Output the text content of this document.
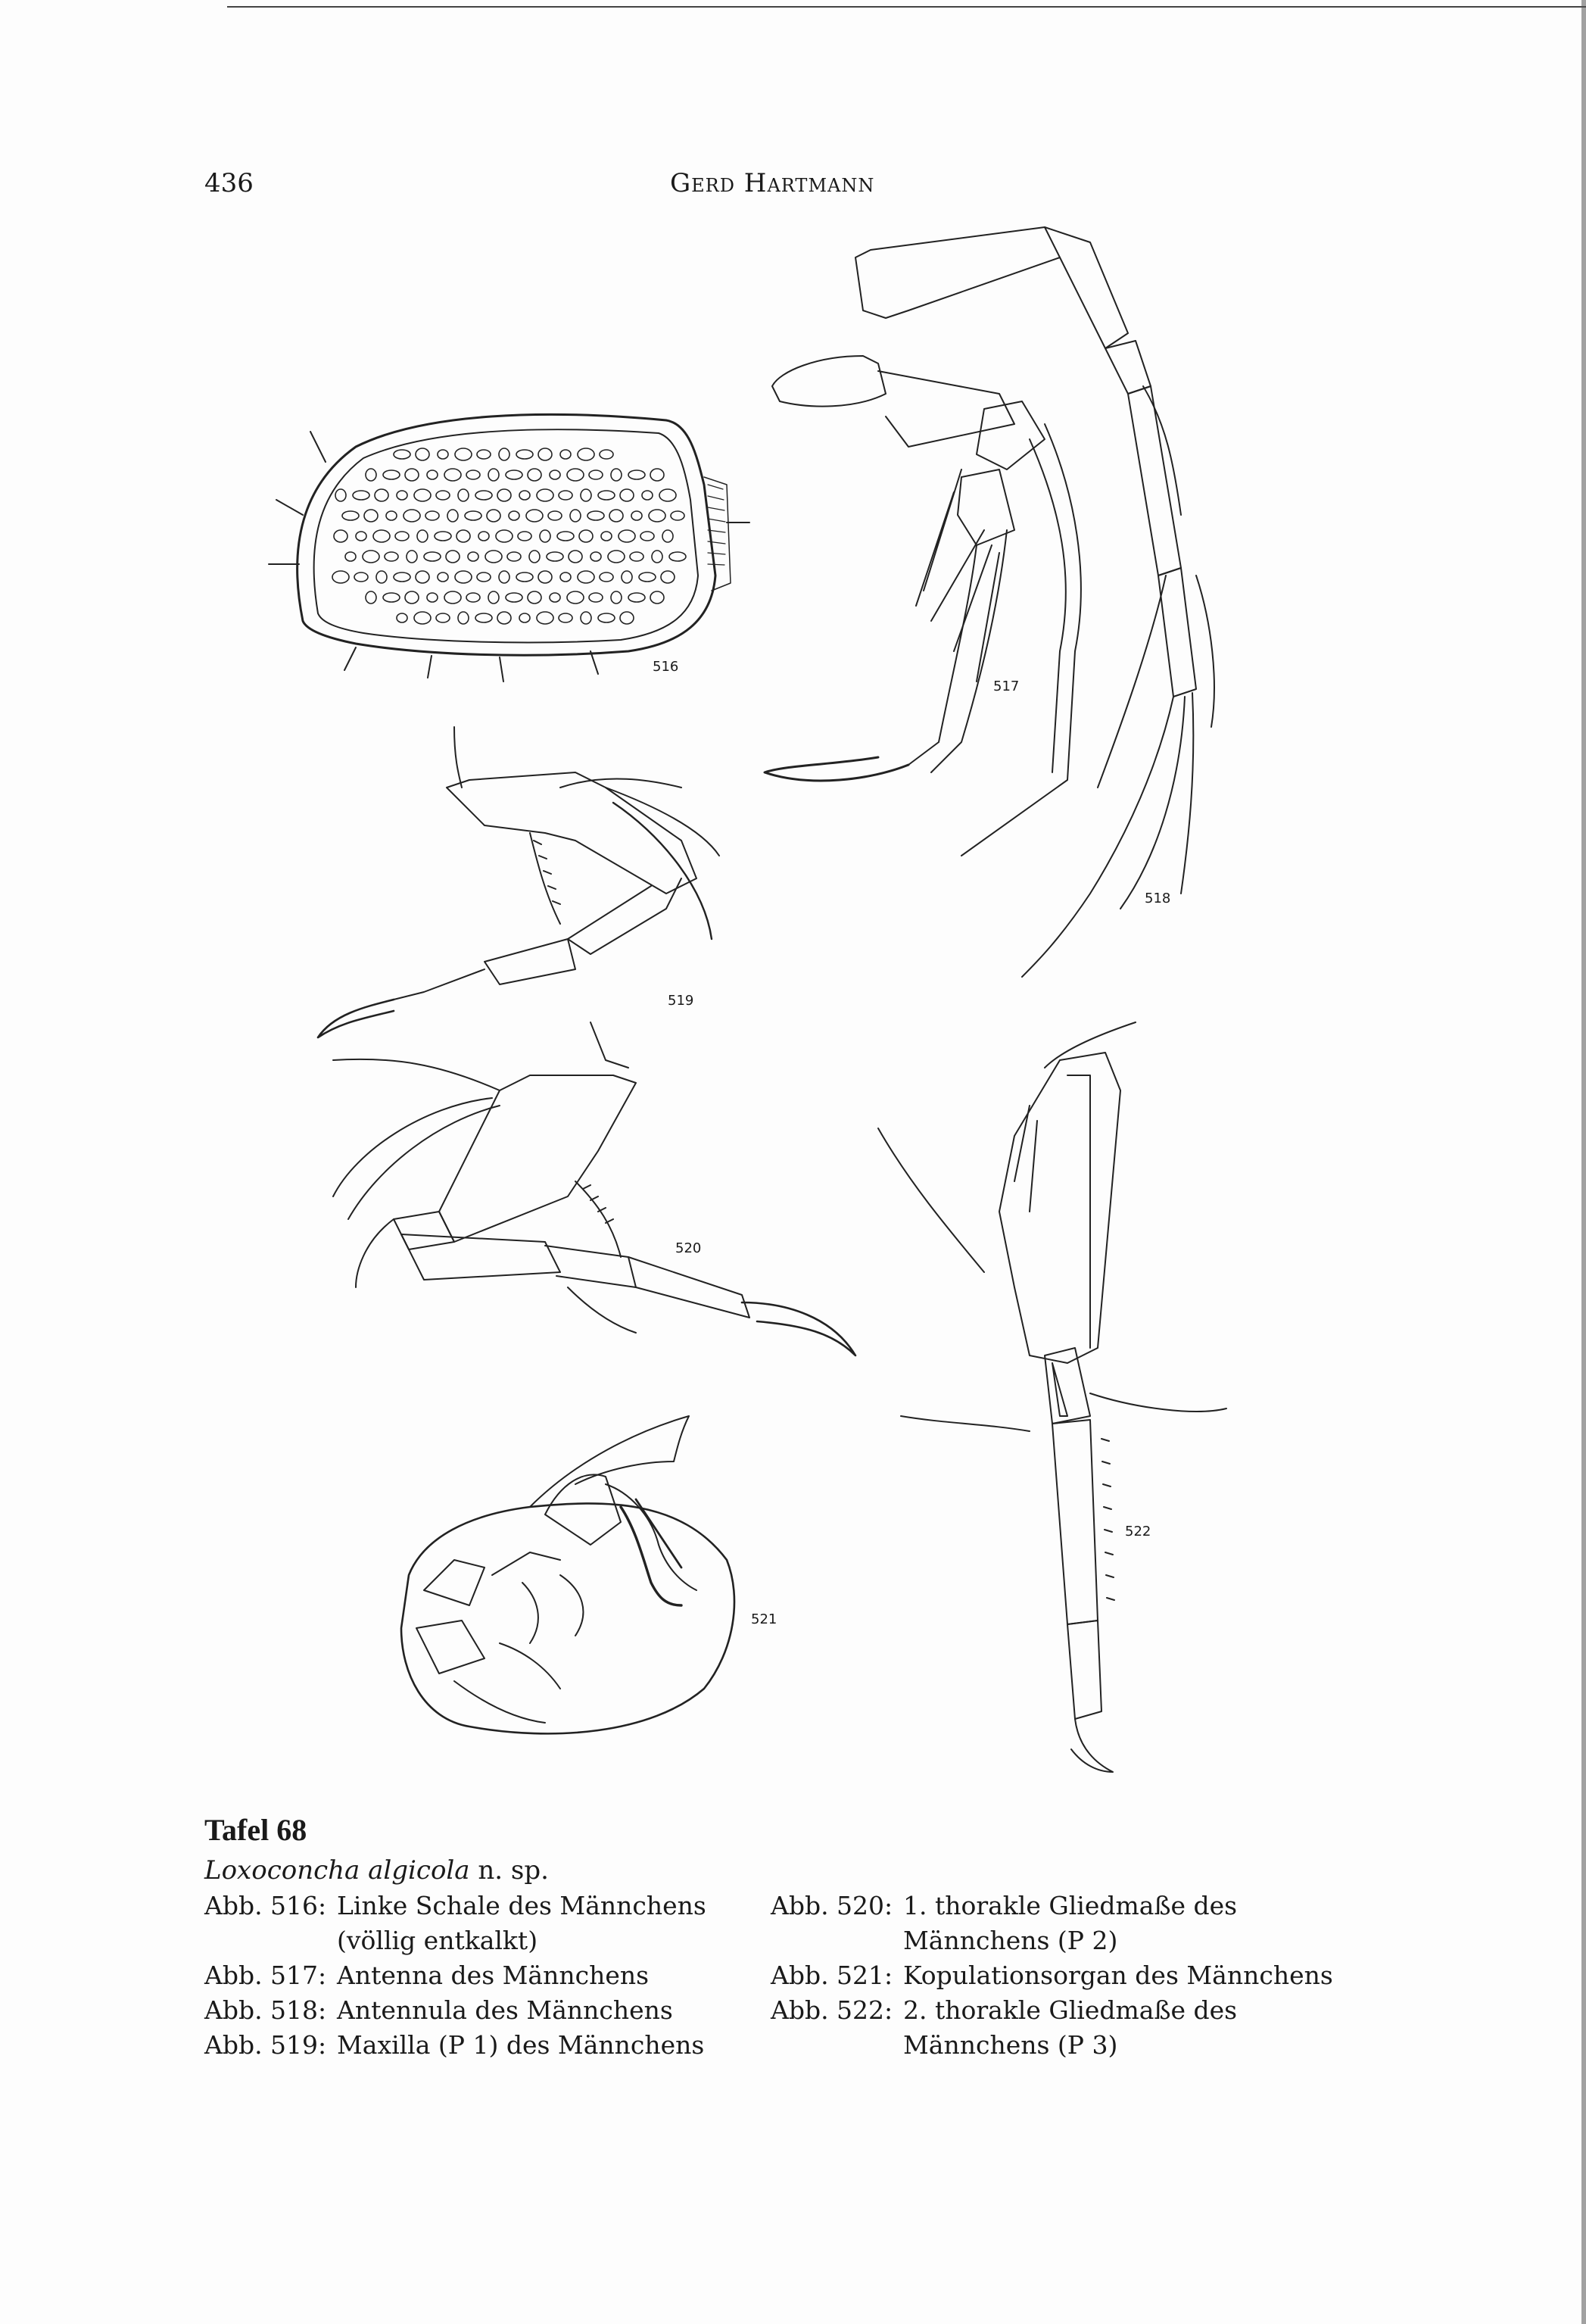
436	Gerd Hartmann
516
517
518
519
520
521
522
Tafel 68
Loxoconcha algicola n. sp.
Abb. 516: Linke Schale des Männchens
(völlig entkalkt)
Abb. 517: Antenna des Männchens
Abb. 518: Antennula des Männchens
Abb. 519: Maxilla (P 1) des Männchens
Abb. 520: 1. thorakle Gliedmaße des
Männchens (P 2)
Abb. 521: Kopulationsorgan des Männchens
Abb. 522: 2. thorakle Gliedmaße des
Männchens (P 3)
